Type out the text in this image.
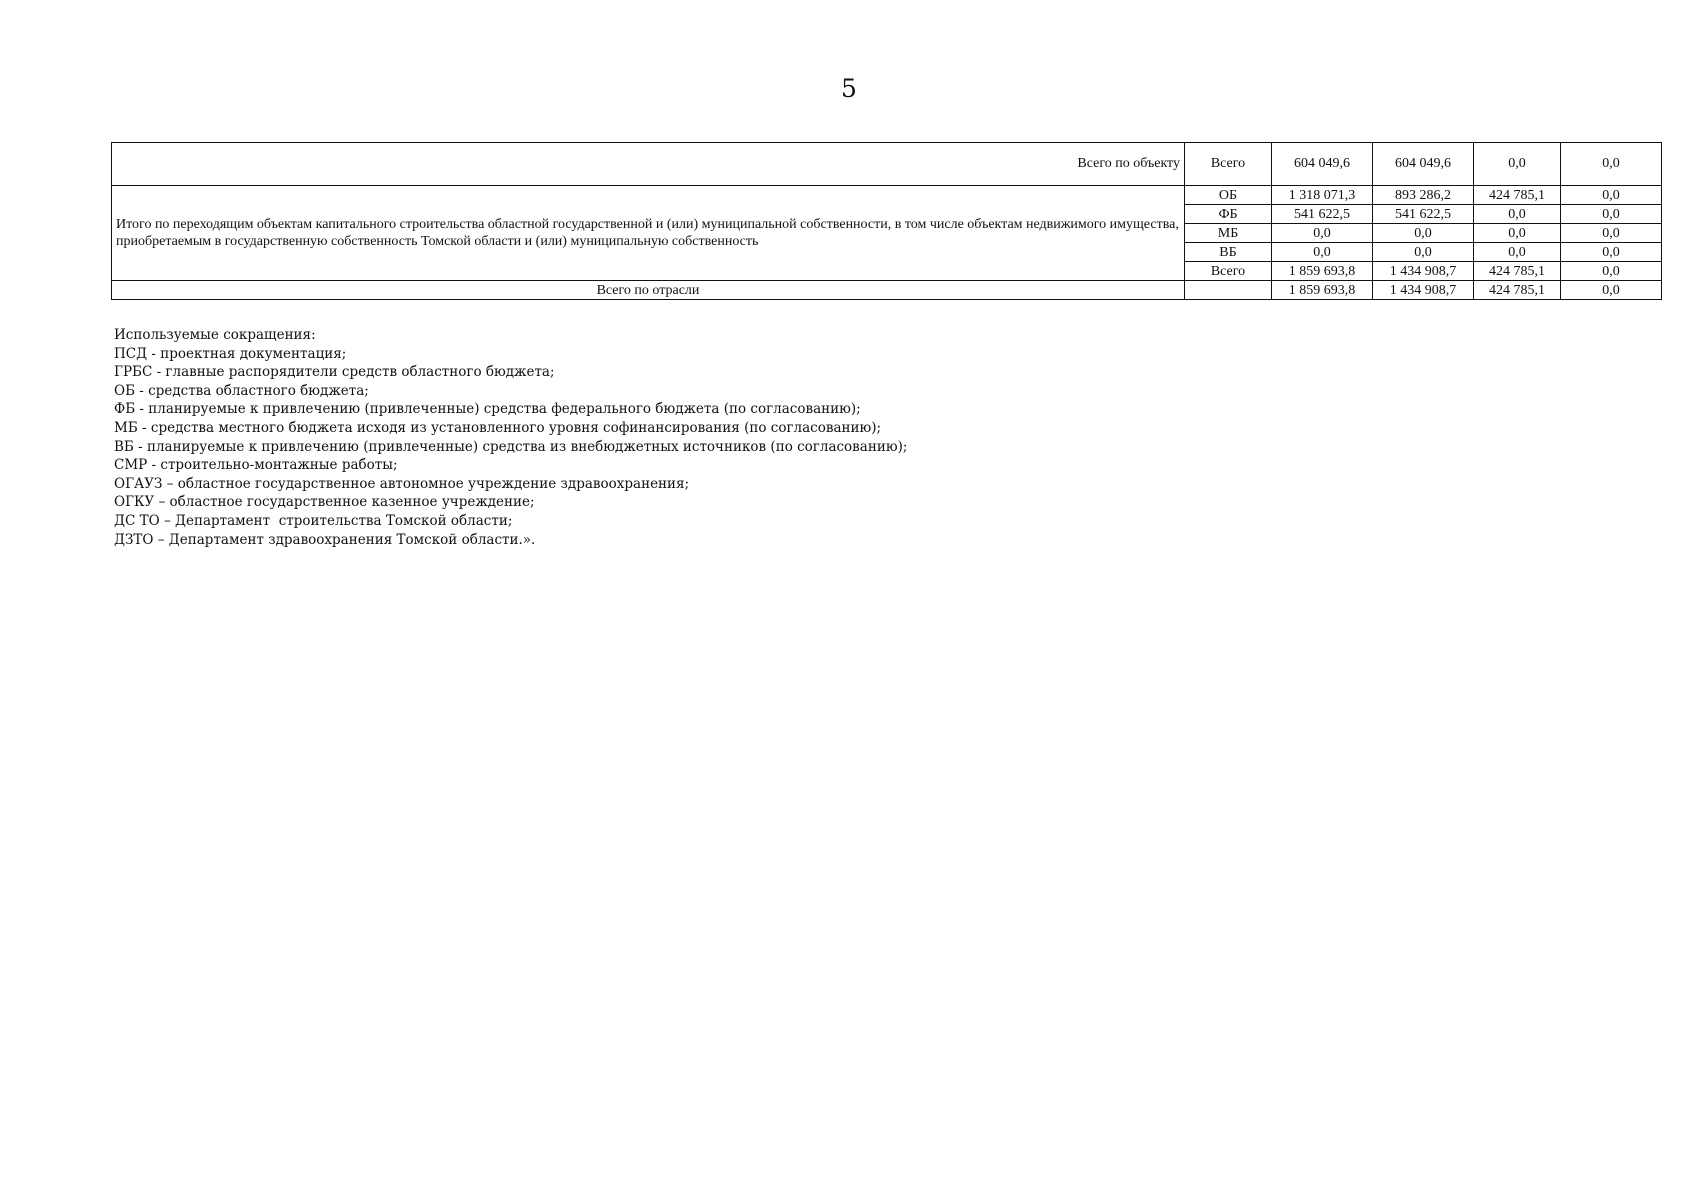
5
Всего по объекту	Всего	604 049,6	604 049,6	0,0	0,0
Итого по переходящим объектам капитального строительства областной государственной и (или) муниципальной собственности, в том числе объектам недвижимого имущества, приобретаемым в государственную собственность Томской области и (или) муниципальную собственность	ОБ	1 318 071,3	893 286,2	424 785,1	0,0
	ФБ	541 622,5	541 622,5	0,0	0,0
	МБ	0,0	0,0	0,0	0,0
	ВБ	0,0	0,0	0,0	0,0
	Всего	1 859 693,8	1 434 908,7	424 785,1	0,0
Всего по отрасли		1 859 693,8	1 434 908,7	424 785,1	0,0
Используемые сокращения:
ПСД - проектная документация;
ГРБС - главные распорядители средств областного бюджета;
ОБ - средства областного бюджета;
ФБ - планируемые к привлечению (привлеченные) средства федерального бюджета (по согласованию);
МБ - средства местного бюджета исходя из установленного уровня софинансирования (по согласованию);
ВБ - планируемые к привлечению (привлеченные) средства из внебюджетных источников (по согласованию);
СМР - строительно-монтажные работы;
ОГАУЗ – областное государственное автономное учреждение здравоохранения;
ОГКУ – областное государственное казенное учреждение;
ДС ТО – Департамент  строительства Томской области;
ДЗТО – Департамент здравоохранения Томской области.».
